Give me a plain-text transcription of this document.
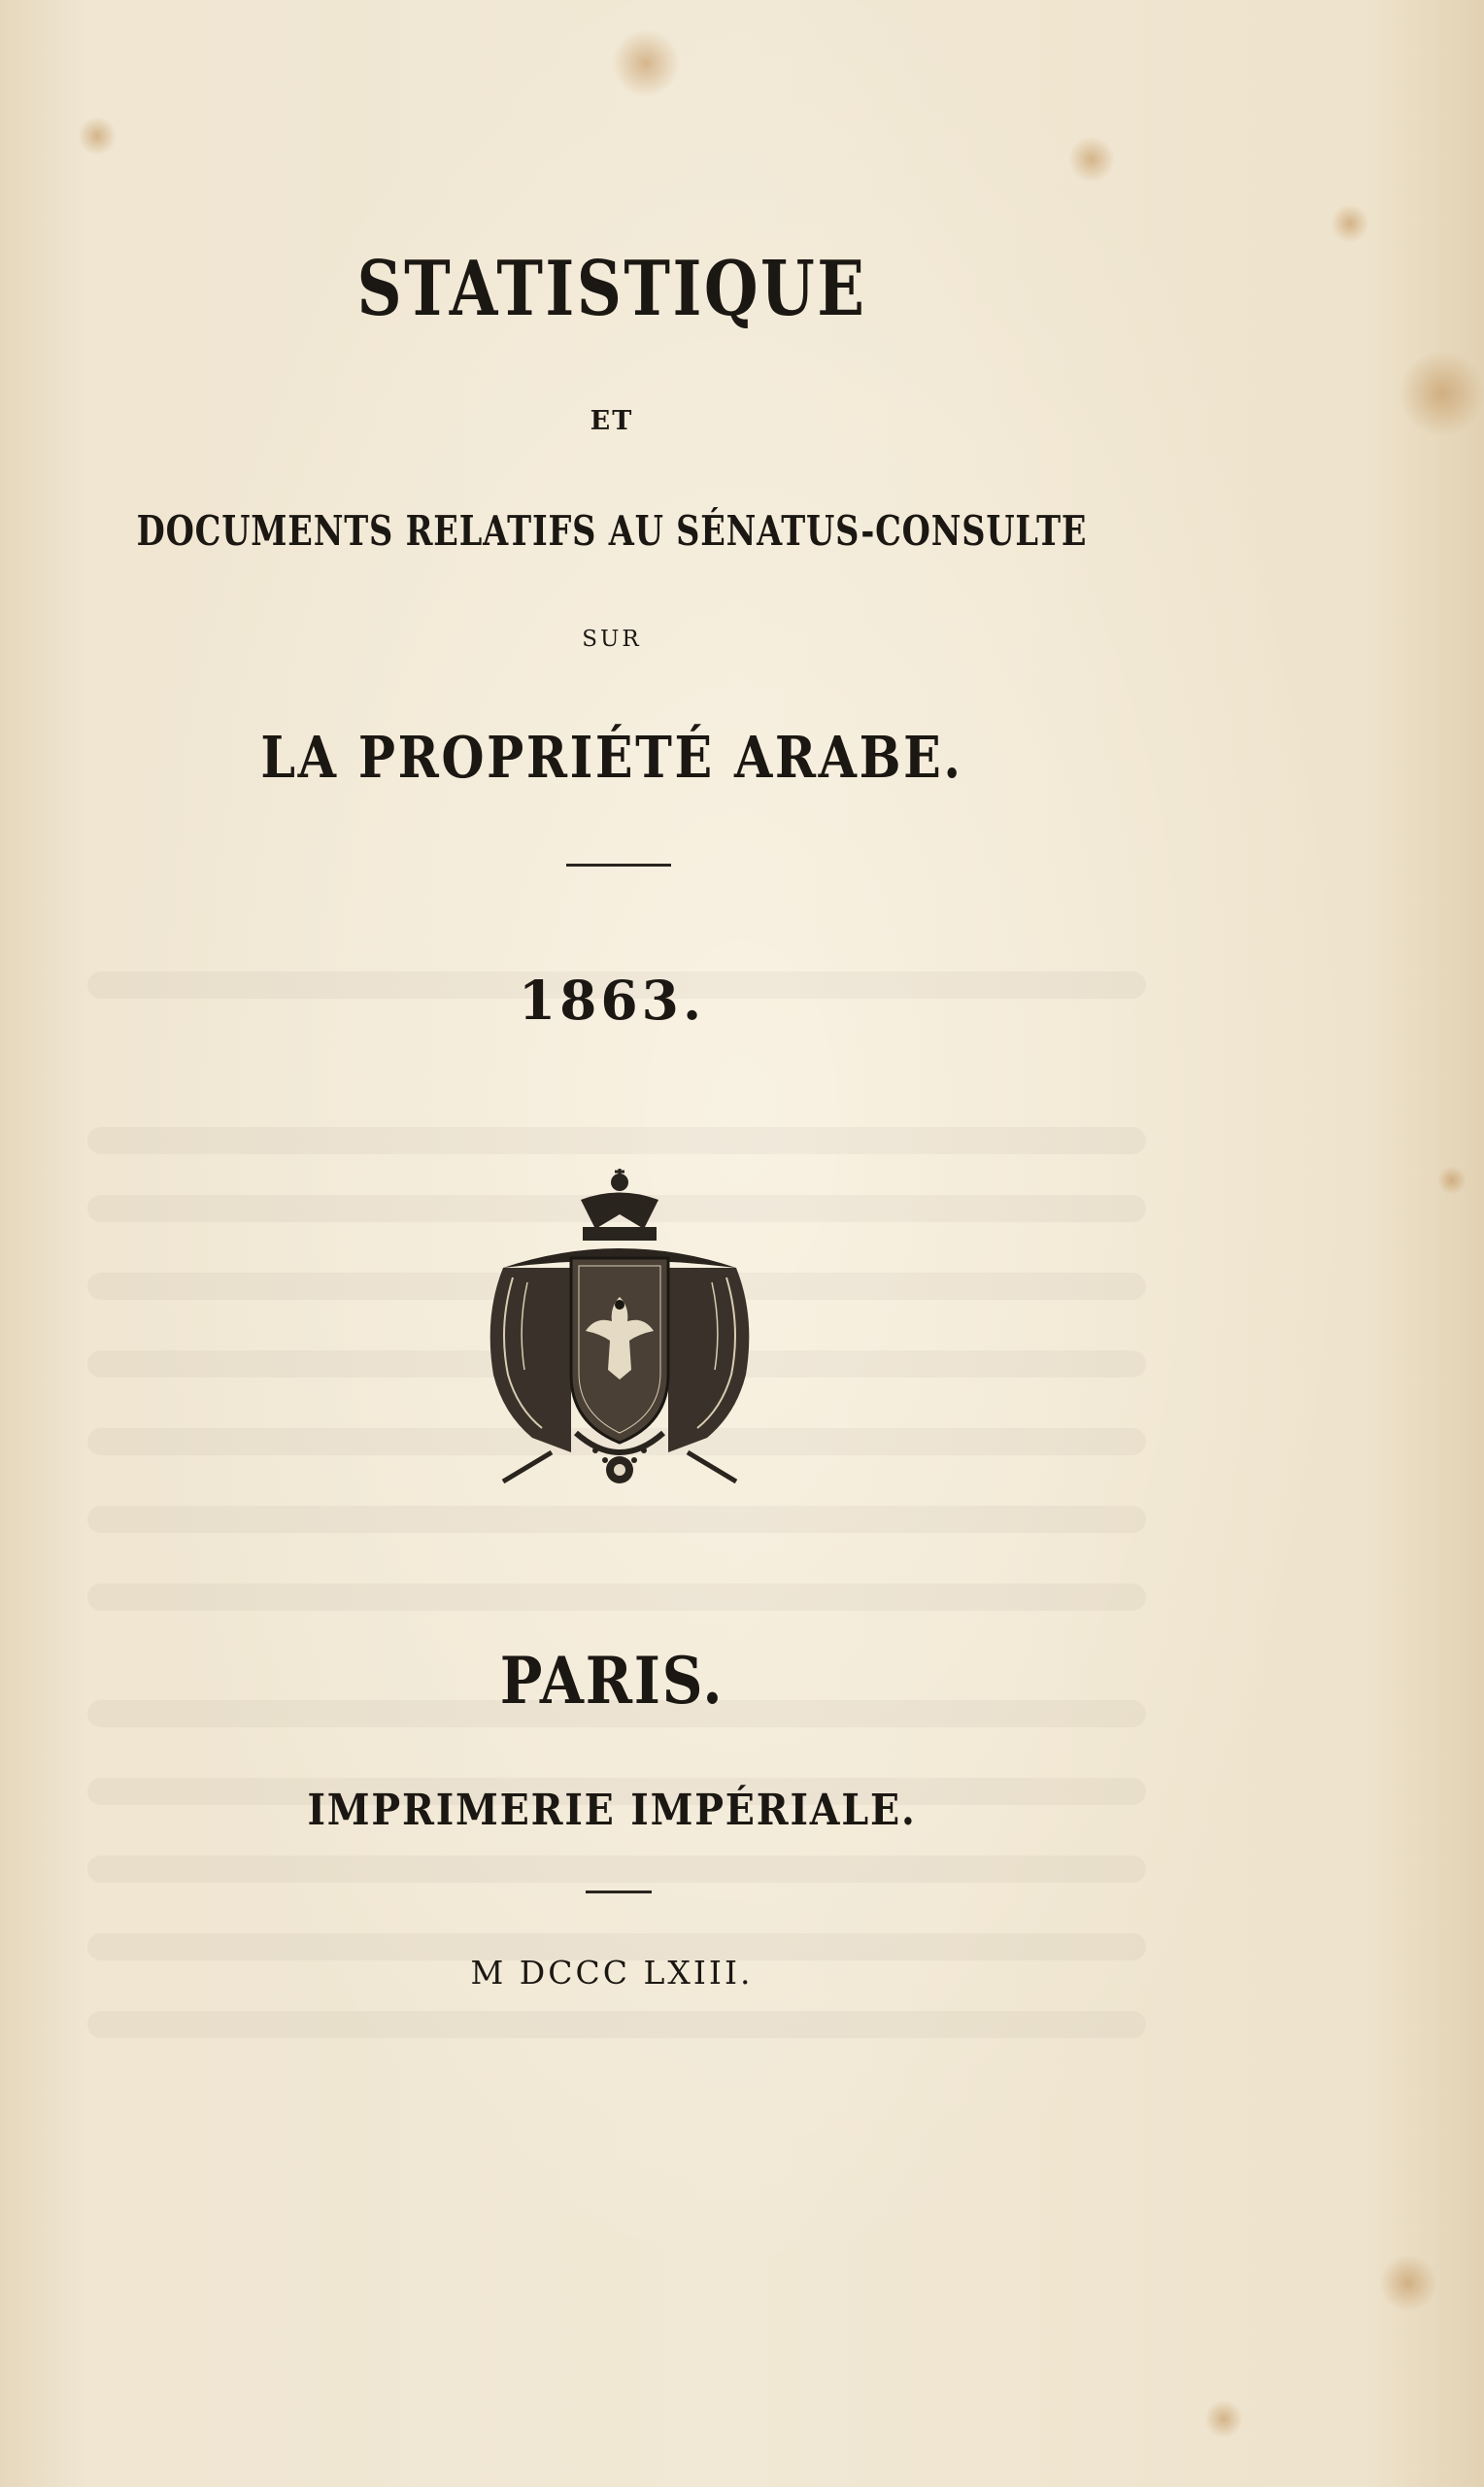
STATISTIQUE

ET

DOCUMENTS RELATIFS AU SÉNATUS-CONSULTE

SUR

LA PROPRIÉTÉ ARABE.

1863.

PARIS.

IMPRIMERIE IMPÉRIALE.

M DCCC LXIII.
